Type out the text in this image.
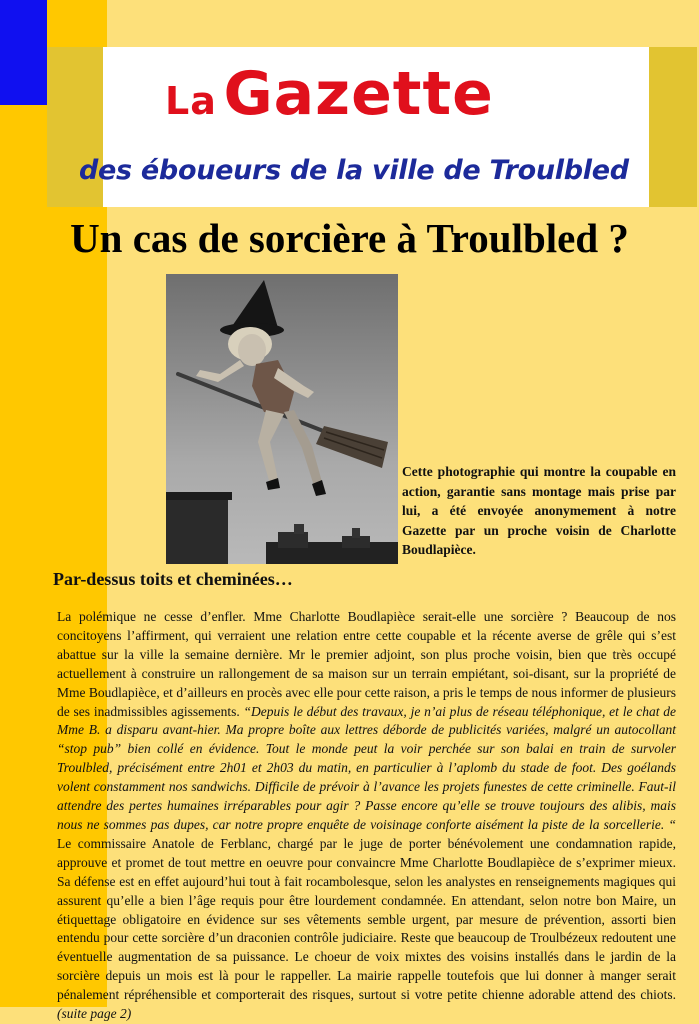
La Gazette
des éboueurs de la ville de Troulbled
Un cas de sorcière à Troulbled ?

Cette photographie qui montre la coupable en action, garantie sans montage mais prise par lui, a été envoyée anonymement à notre Gazette par un proche voisin de Charlotte Boudlapièce.

Par-dessus toits et cheminées…

La polémique ne cesse d’enfler. Mme Charlotte Boudlapièce serait-elle une sorcière ? Beaucoup de nos concitoyens l’affirment, qui verraient une relation entre cette coupable et la récente averse de grêle qui s’est abattue sur la ville la semaine dernière. Mr le premier adjoint, son plus proche voisin, bien que très occupé actuellement à construire un rallongement de sa maison sur un terrain empiétant, soi-disant, sur la propriété de Mme Boudlapièce, et d’ailleurs en procès avec elle pour cette raison, a pris le temps de nous informer de plusieurs de ses inadmissibles agissements. “Depuis le début des travaux, je n’ai plus de réseau téléphonique, et le chat de Mme B. a disparu avant-hier. Ma propre boîte aux lettres déborde de publicités variées, malgré un autocollant “stop pub” bien collé en évidence. Tout le monde peut la voir perchée sur son balai en train de survoler Troulbled, précisément entre 2h01 et 2h03 du matin, en particulier à l’aplomb du stade de foot. Des goélands volent constamment nos sandwichs. Difficile de prévoir à l’avance les projets funestes de cette criminelle. Faut-il attendre des pertes humaines irréparables pour agir ? Passe encore qu’elle se trouve toujours des alibis, mais nous ne sommes pas dupes, car notre propre enquête de voisinage conforte aisément la piste de la sorcellerie. “ Le commissaire Anatole de Ferblanc, chargé par le juge de porter bénévolement une condamnation rapide, approuve et promet de tout mettre en oeuvre pour convaincre Mme Charlotte Boudlapièce de s’exprimer mieux. Sa défense est en effet aujourd’hui tout à fait rocambolesque, selon les analystes en renseignements magiques qui assurent qu’elle a bien l’âge requis pour être lourdement condamnée. En attendant, selon notre bon Maire, un étiquettage obligatoire en évidence sur ses vêtements semble urgent, par mesure de prévention, assorti bien entendu pour cette sorcière d’un draconien contrôle judiciaire. Reste que beaucoup de Troulbézeux redoutent une éventuelle augmentation de sa puissance. Le choeur de voix mixtes des voisins installés dans le jardin de la sorcière depuis un mois est là pour le rappeller. La mairie rappelle toutefois que lui donner à manger serait pénalement répréhensible et comporterait des risques, surtout si votre petite chienne adorable attend des chiots. (suite page 2)
